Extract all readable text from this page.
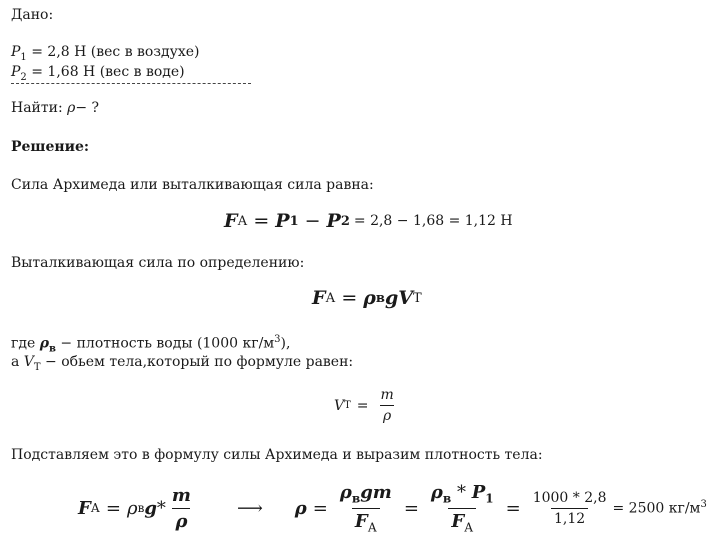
Дано:
$P_1 = 2,8$ Н (вес в воздухе)
$P_2 = 1,68$ Н (вес в воде)
Найти: ρ− ?
Решение:
Сила Архимеда или выталкивающая сила равна:
F А = P 1 − P 2 = 2,8 − 1,68 = 1,12 Н
Выталкивающая сила по определению:
F А = ρ в g V Т
где $\rho_в$ − плотность воды (1000 $кг/м^3$),
а $V_Т$ − обьем тела,который по формуле равен:
V $Т = \frac{m}{\rho}$
Подставляем это в формулу силы Архимеда и выразим плотность тела:
F А = ρ в g * $\frac{m}{\rho}$ ⟶ $\rho = \frac{\rho_вgm}{F_А} = \frac{\rho_в * P_1}{F_А} = \frac{1000 * 2,8}{1,12} = 2500$ $кг/м^3$
